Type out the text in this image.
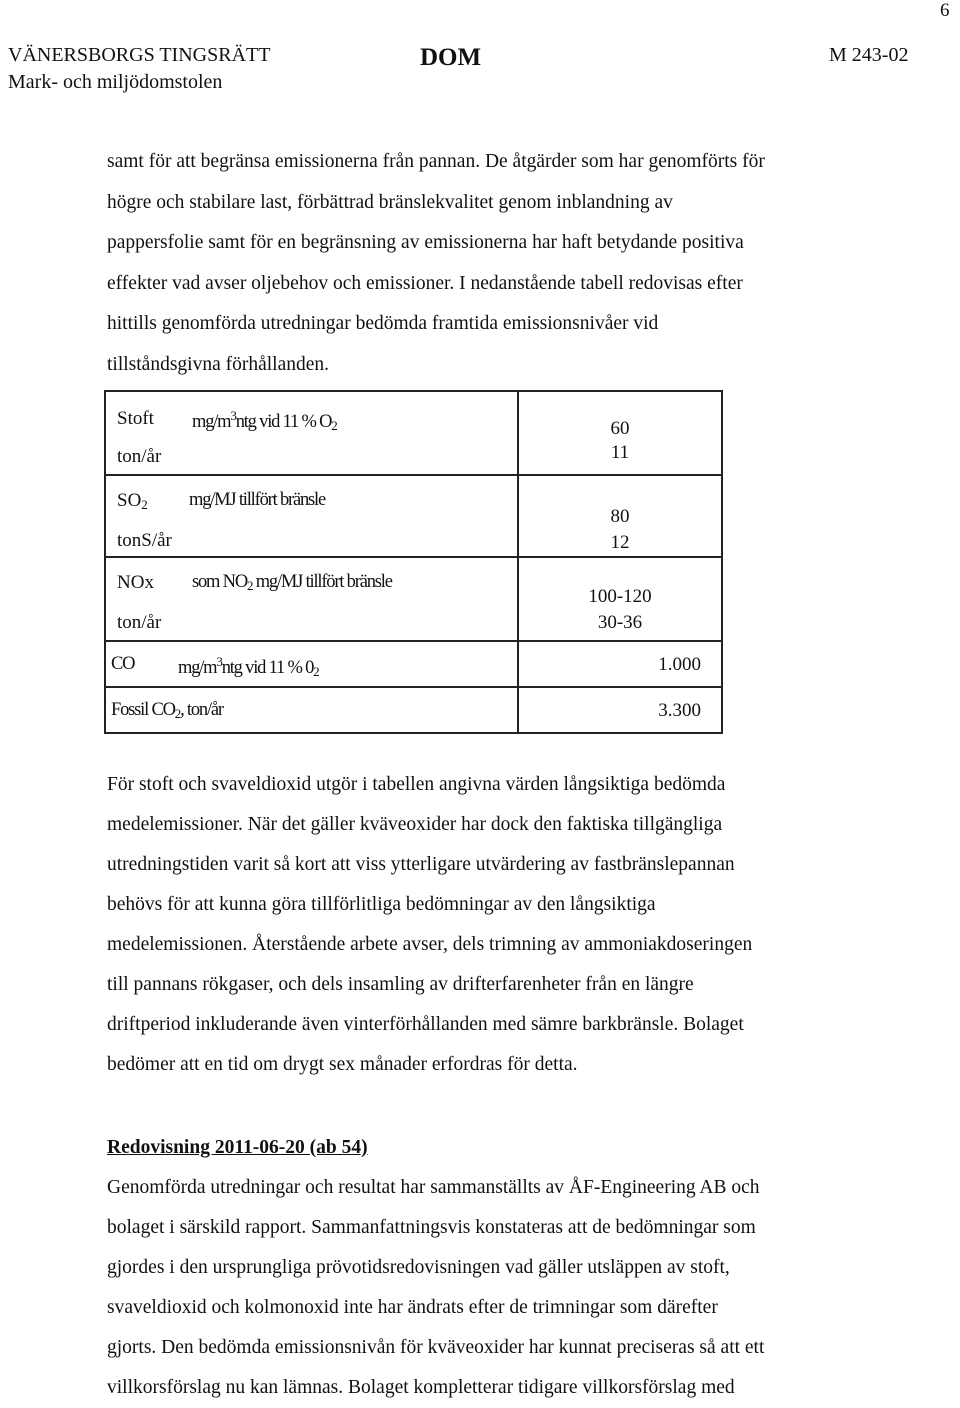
6
VÄNERSBORGS TINGSRÄTT
Mark- och miljödomstolen
DOM	M 243-02
samt för att begränsa emissionerna från pannan. De åtgärder som har genomförts för
högre och stabilare last, förbättrad bränslekvalitet genom inblandning av
pappersfolie samt för en begränsning av emissionerna har haft betydande positiva
effekter vad avser oljebehov och emissioner. I nedanstående tabell redovisas efter
hittills genomförda utredningar bedömda framtida emissionsnivåer vid
tillståndsgivna förhållanden.
Stoft $mg/m^3ntg$ vid 11 % $O_2$
ton/år	60
11

$SO_2$ mg/MJ tillfört bränsle
tonS/år	80
12

NOx som $NO_2$ mg/MJ tillfört bränsle
ton/år	100-120
30-36

CO $mg/m^3ntg$ vid 11 % $0_2$	1.000

Fossil $CO_2$, ton/år	3.300
För stoft och svaveldioxid utgör i tabellen angivna värden långsiktiga bedömda
medelemissioner. När det gäller kväveoxider har dock den faktiska tillgängliga
utredningstiden varit så kort att viss ytterligare utvärdering av fastbränslepannan
behövs för att kunna göra tillförlitliga bedömningar av den långsiktiga
medelemissionen. Återstående arbete avser, dels trimning av ammoniakdoseringen
till pannans rökgaser, och dels insamling av drifterfarenheter från en längre
driftperiod inkluderande även vinterförhållanden med sämre barkbränsle. Bolaget
bedömer att en tid om drygt sex månader erfordras för detta.
Redovisning 2011-06-20 (ab 54)
Genomförda utredningar och resultat har sammanställts av ÅF-Engineering AB och
bolaget i särskild rapport. Sammanfattningsvis konstateras att de bedömningar som
gjordes i den ursprungliga prövotidsredovisningen vad gäller utsläppen av stoft,
svaveldioxid och kolmonoxid inte har ändrats efter de trimningar som därefter
gjorts. Den bedömda emissionsnivån för kväveoxider har kunnat preciseras så att ett
villkorsförslag nu kan lämnas. Bolaget kompletterar tidigare villkorsförslag med
